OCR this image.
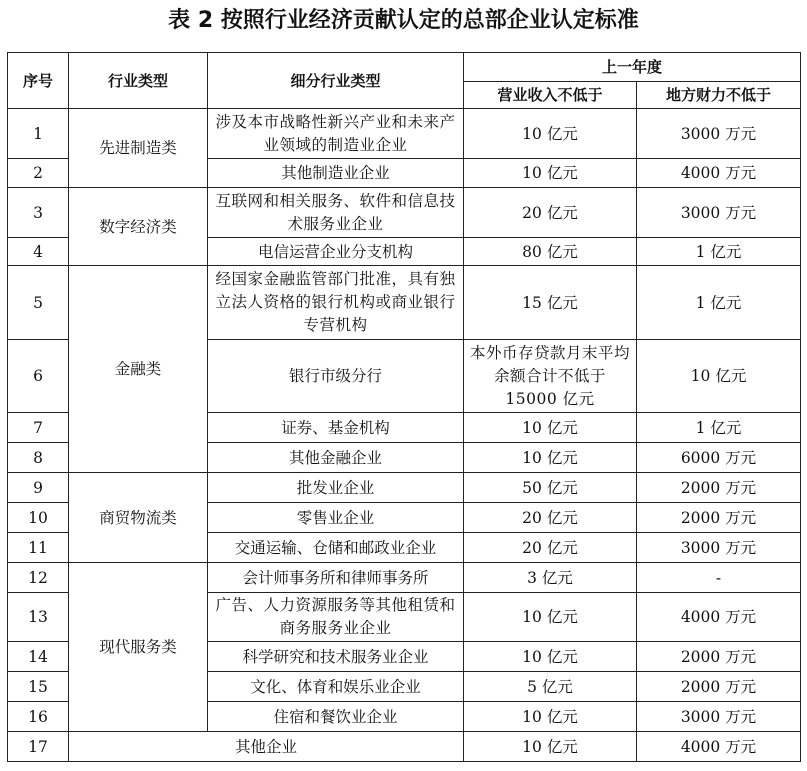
表 2 按照行业经济贡献认定的总部企业认定标准
序号	行业类型	细分行业类型	上一年度	
			营业收入不低于	地方财力不低于
1	先进制造类	涉及本市战略性新兴产业和未来产业领域的制造业企业	10 亿元	3000 万元
2		其他制造业企业	10 亿元	4000 万元
3	数字经济类	互联网和相关服务、软件和信息技术服务业企业	20 亿元	3000 万元
4		电信运营企业分支机构	80 亿元	1 亿元
5	金融类	经国家金融监管部门批准，具有独立法人资格的银行机构或商业银行专营机构	15 亿元	1 亿元
6		银行市级分行	本外币存贷款月末平均余额合计不低于 15000 亿元	10 亿元
7		证券、基金机构	10 亿元	1 亿元
8		其他金融企业	10 亿元	6000 万元
9	商贸物流类	批发业企业	50 亿元	2000 万元
10		零售业企业	20 亿元	2000 万元
11		交通运输、仓储和邮政业企业	20 亿元	3000 万元
12	现代服务类	会计师事务所和律师事务所	3 亿元	-
13		广告、人力资源服务等其他租赁和商务服务业企业	10 亿元	4000 万元
14		科学研究和技术服务业企业	10 亿元	2000 万元
15		文化、体育和娱乐业企业	5 亿元	2000 万元
16		住宿和餐饮业企业	10 亿元	3000 万元
17	其他企业		10 亿元	4000 万元
